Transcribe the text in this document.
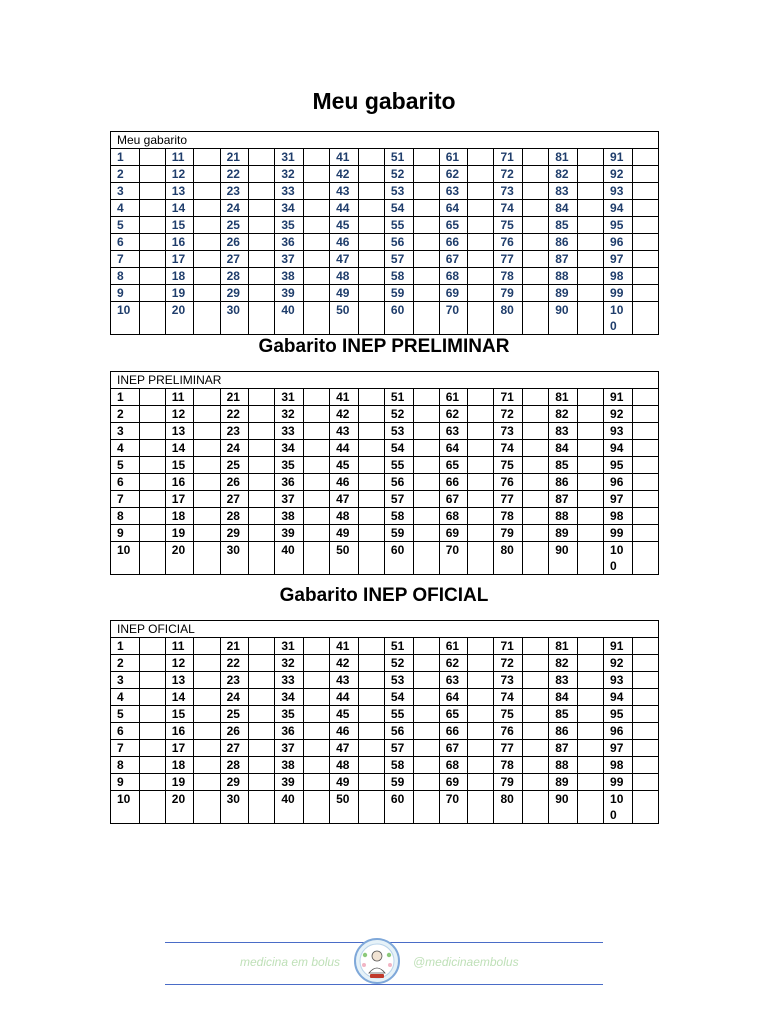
Meu gabarito
Meu gabarito																			
1		11		21		31		41		51		61		71		81		91	
2		12		22		32		42		52		62		72		82		92	
3		13		23		33		43		53		63		73		83		93	
4		14		24		34		44		54		64		74		84		94	
5		15		25		35		45		55		65		75		85		95	
6		16		26		36		46		56		66		76		86		96	
7		17		27		37		47		57		67		77		87		97	
8		18		28		38		48		58		68		78		88		98	
9		19		29		39		49		59		69		79		89		99	
10		20		30		40		50		60		70		80		90		100	
Gabarito INEP PRELIMINAR
INEP PRELIMINAR																			
1		11		21		31		41		51		61		71		81		91	
2		12		22		32		42		52		62		72		82		92	
3		13		23		33		43		53		63		73		83		93	
4		14		24		34		44		54		64		74		84		94	
5		15		25		35		45		55		65		75		85		95	
6		16		26		36		46		56		66		76		86		96	
7		17		27		37		47		57		67		77		87		97	
8		18		28		38		48		58		68		78		88		98	
9		19		29		39		49		59		69		79		89		99	
10		20		30		40		50		60		70		80		90		100	
Gabarito INEP OFICIAL
INEP OFICIAL																			
1		11		21		31		41		51		61		71		81		91	
2		12		22		32		42		52		62		72		82		92	
3		13		23		33		43		53		63		73		83		93	
4		14		24		34		44		54		64		74		84		94	
5		15		25		35		45		55		65		75		85		95	
6		16		26		36		46		56		66		76		86		96	
7		17		27		37		47		57		67		77		87		97	
8		18		28		38		48		58		68		78		88		98	
9		19		29		39		49		59		69		79		89		99	
10		20		30		40		50		60		70		80		90		100	
medicina em bolus	@medicinaembolus
